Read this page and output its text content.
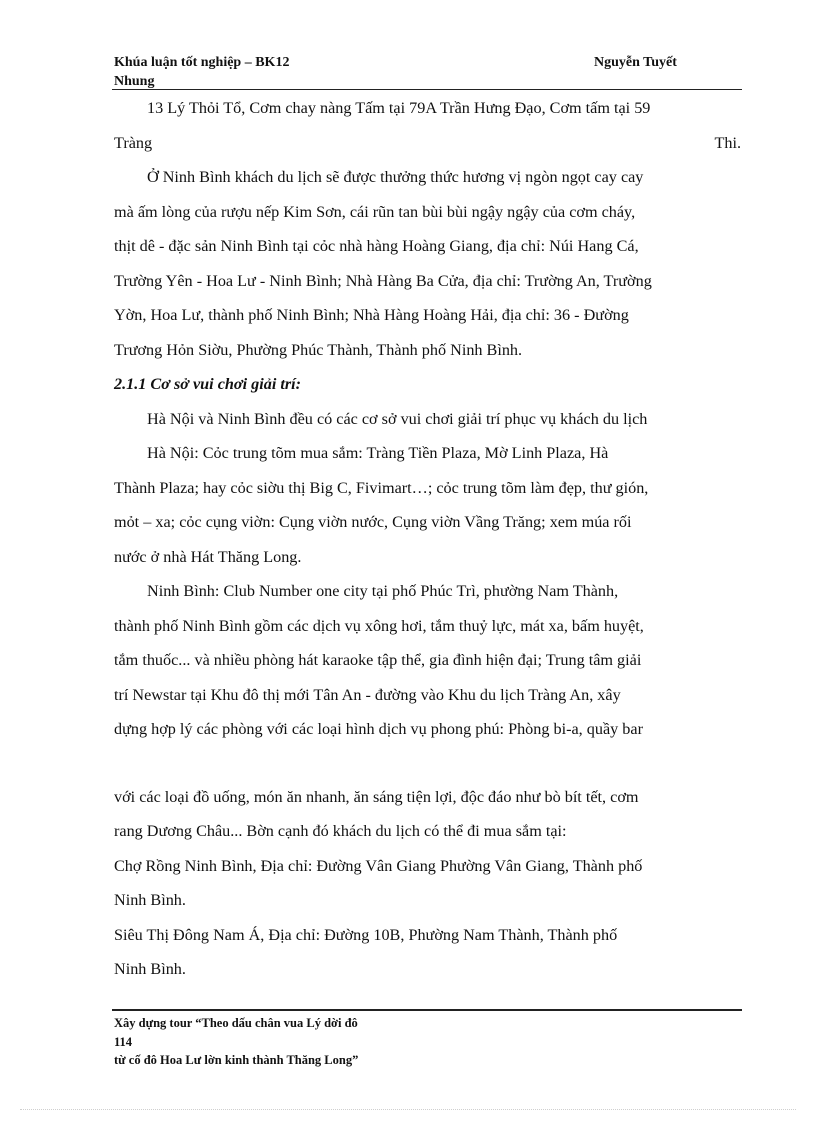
Khúa luận tốt nghiệp – BK12
Nhung
Nguyễn Tuyết
13 Lý Thỏi Tổ, Cơm chay nàng Tấm tại 79A Trần Hưng Đạo, Cơm tấm tại 59
Tràng Thi.
Ở Ninh Bình khách du lịch sẽ được thưởng thức hương vị ngòn ngọt cay cay
mà ấm lòng của rượu nếp Kim Sơn, cái rũn tan bùi bùi ngậy ngậy của cơm cháy,
thịt dê - đặc sản Ninh Bình tại cỏc nhà hàng Hoàng Giang, địa chỉ: Núi Hang Cá,
Trường Yên - Hoa Lư - Ninh Bình; Nhà Hàng Ba Cửa, địa chỉ: Trường An, Trường
Yờn, Hoa Lư, thành phố Ninh Bình; Nhà Hàng Hoàng Hải, địa chỉ: 36 - Đường
Trương Hỏn Siờu, Phường Phúc Thành, Thành phố Ninh Bình.
2.1.1 Cơ sở vui chơi giải trí:
Hà Nội và Ninh Bình đều có các cơ sở vui chơi giải trí phục vụ khách du lịch
Hà Nội: Cỏc trung tõm mua sắm: Tràng Tiền Plaza, Mờ Linh Plaza, Hà
Thành Plaza; hay cỏc siờu thị Big C, Fivimart…; cỏc trung tõm làm đẹp, thư gión,
mỏt – xa; cỏc cụng viờn: Cụng viờn nước, Cụng viờn Vầng Trăng; xem múa rối
nước ở nhà Hát Thăng Long.
Ninh Bình: Club Number one city tại phố Phúc Trì, phường Nam Thành,
thành phố Ninh Bình gồm các dịch vụ xông hơi, tắm thuỷ lực, mát xa, bấm huyệt,
tắm thuốc... và nhiều phòng hát karaoke tập thể, gia đình hiện đại; Trung tâm giải
trí Newstar tại Khu đô thị mới Tân An - đường vào Khu du lịch Tràng An, xây
dựng hợp lý các phòng với các loại hình dịch vụ phong phú: Phòng bi-a, quầy bar
với các loại đồ uống, món ăn nhanh, ăn sáng tiện lợi, độc đáo như bò bít tết, cơm
rang Dương Châu... Bờn cạnh đó khách du lịch có thể đi mua sắm tại:
Chợ Rồng Ninh Bình, Địa chỉ: Đường Vân Giang Phường Vân Giang, Thành phố
Ninh Bình.
Siêu Thị Đông Nam Á, Địa chỉ: Đường 10B, Phường Nam Thành, Thành phố
Ninh Bình.
Xây dựng tour “Theo dấu chân vua Lý dời đô
114
từ cố đô Hoa Lư lờn kinh thành Thăng Long”
